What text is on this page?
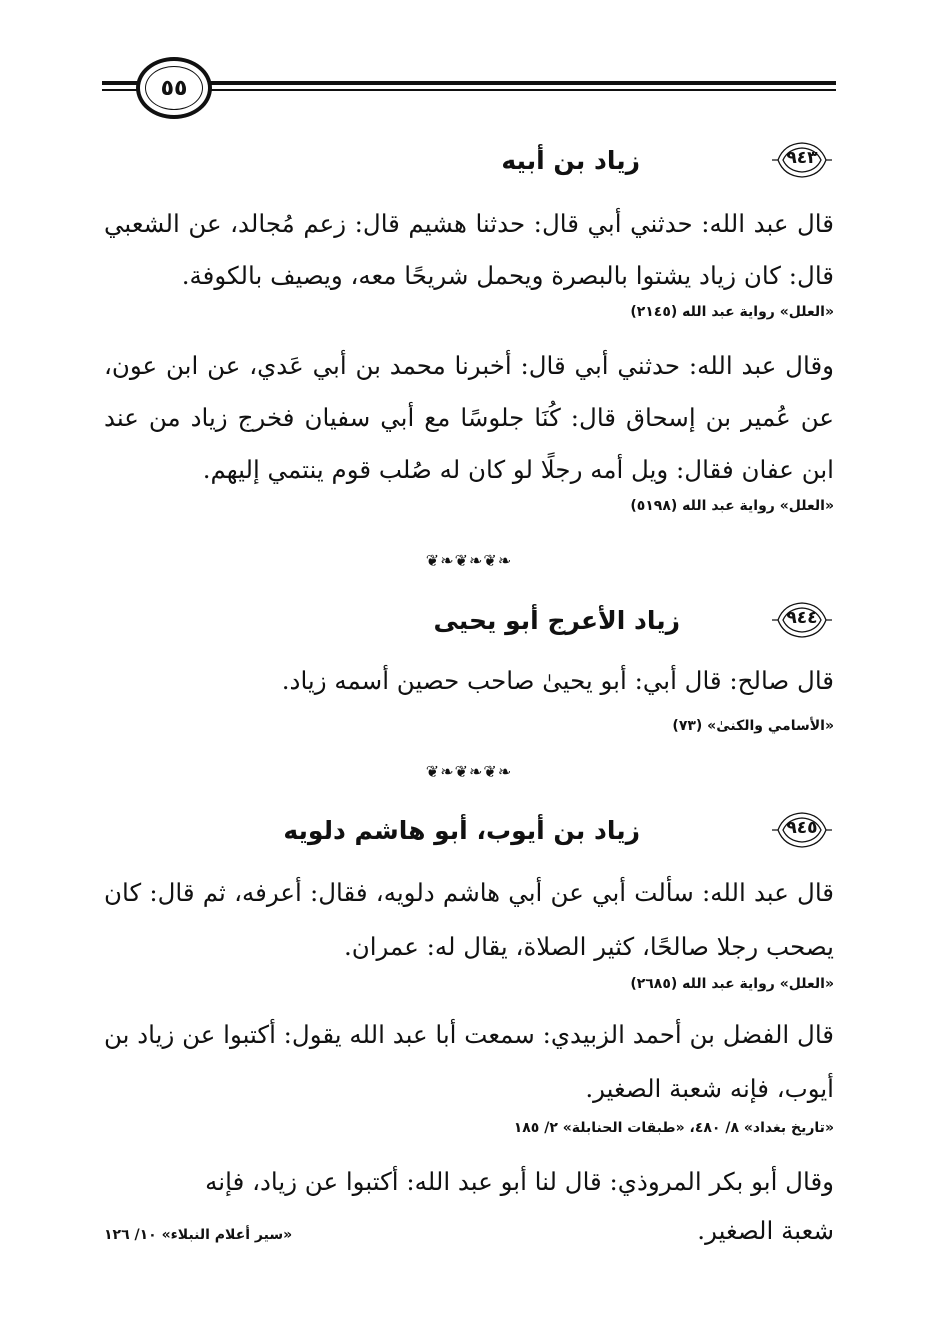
٥٥
٩٤٣
زياد بن أبيه

قال عبد الله: حدثني أبي قال: حدثنا هشيم قال: زعم مُجالد، عن الشعبي قال: كان زياد يشتوا بالبصرة ويحمل شريحًا معه، ويصيف بالكوفة.

«العلل» رواية عبد الله (٢١٤٥)

وقال عبد الله: حدثني أبي قال: أخبرنا محمد بن أبي عَدي، عن ابن عون، عن عُمير بن إسحاق قال: كُنَا جلوسًا مع أبي سفيان فخرج زياد من عند ابن عفان فقال: ويل أمه رجلًا لو كان له صُلب قوم ينتمي إليهم.

«العلل» رواية عبد الله (٥١٩٨)
❧❦❧❦❧❦
٩٤٤
زياد الأعرج أبو يحيى

قال صالح: قال أبي: أبو يحيىٰ صاحب حصين أسمه زياد.

«الأسامي والكنىٰ» (٧٣)
❧❦❧❦❧❦
٩٤٥
زياد بن أيوب، أبو هاشم دلويه

قال عبد الله: سألت أبي عن أبي هاشم دلويه، فقال: أعرفه، ثم قال: كان يصحب رجلا صالحًا، كثير الصلاة، يقال له: عمران.

«العلل» رواية عبد الله (٢٦٨٥)

قال الفضل بن أحمد الزبيدي: سمعت أبا عبد الله يقول: أكتبوا عن زياد بن أيوب، فإنه شعبة الصغير.

«تاريخ بغداد» ٨/ ٤٨٠، «طبقات الحنابلة» ٢/ ١٨٥

وقال أبو بكر المروذي: قال لنا أبو عبد الله: أكتبوا عن زياد، فإنه

شعبة الصغير.
«سير أعلام النبلاء» ١٠/ ١٢٦
